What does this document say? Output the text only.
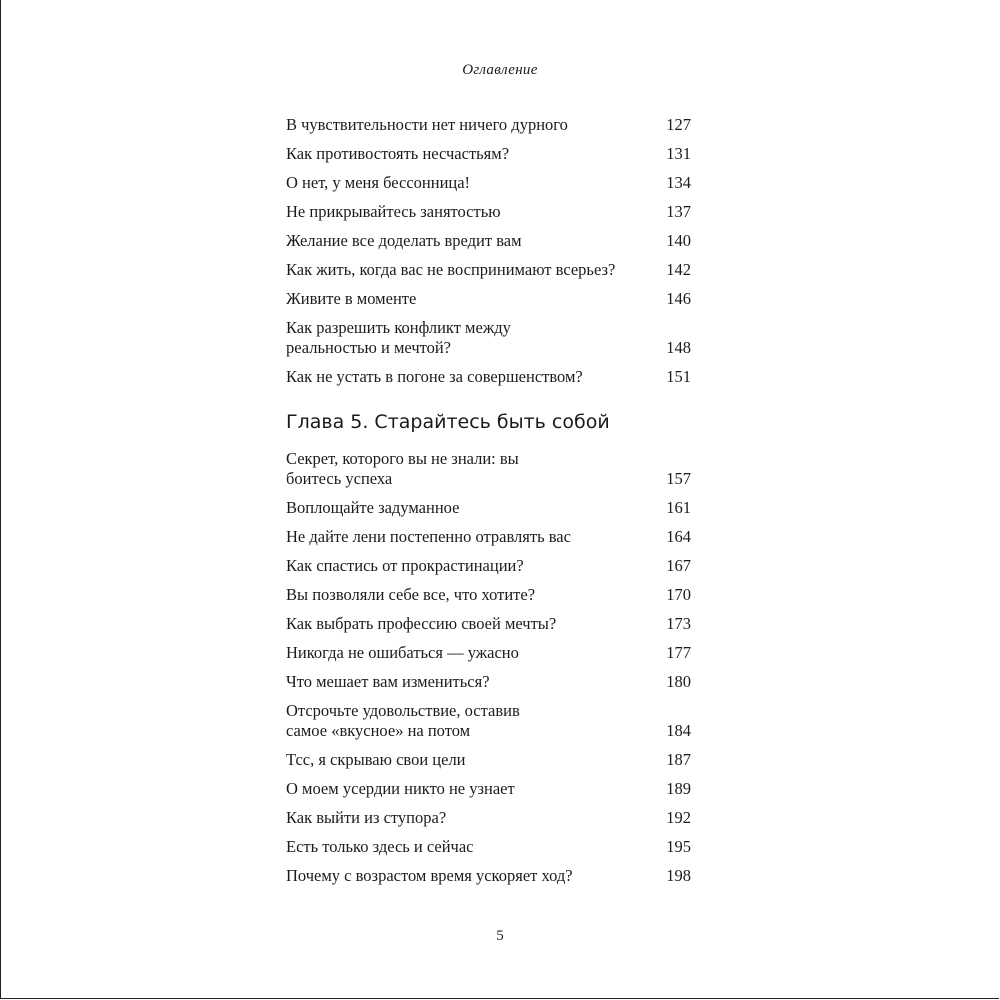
Оглавление
В чувствительности нет ничего дурного	127
Как противостоять несчастьям?	131
О нет, у меня бессонница!	134
Не прикрывайтесь занятостью	137
Желание все доделать вредит вам	140
Как жить, когда вас не воспринимают всерьез?	142
Живите в моменте	146
Как разрешить конфликт между реальностью и мечтой?	148
Как не устать в погоне за совершенством?	151
Глава 5. Старайтесь быть собой
Секрет, которого вы не знали: вы боитесь успеха	157
Воплощайте задуманное	161
Не дайте лени постепенно отравлять вас	164
Как спастись от прокрастинации?	167
Вы позволяли себе все, что хотите?	170
Как выбрать профессию своей мечты?	173
Никогда не ошибаться — ужасно	177
Что мешает вам измениться?	180
Отсрочьте удовольствие, оставив самое «вкусное» на потом	184
Тсс, я скрываю свои цели	187
О моем усердии никто не узнает	189
Как выйти из ступора?	192
Есть только здесь и сейчас	195
Почему с возрастом время ускоряет ход?	198
5
